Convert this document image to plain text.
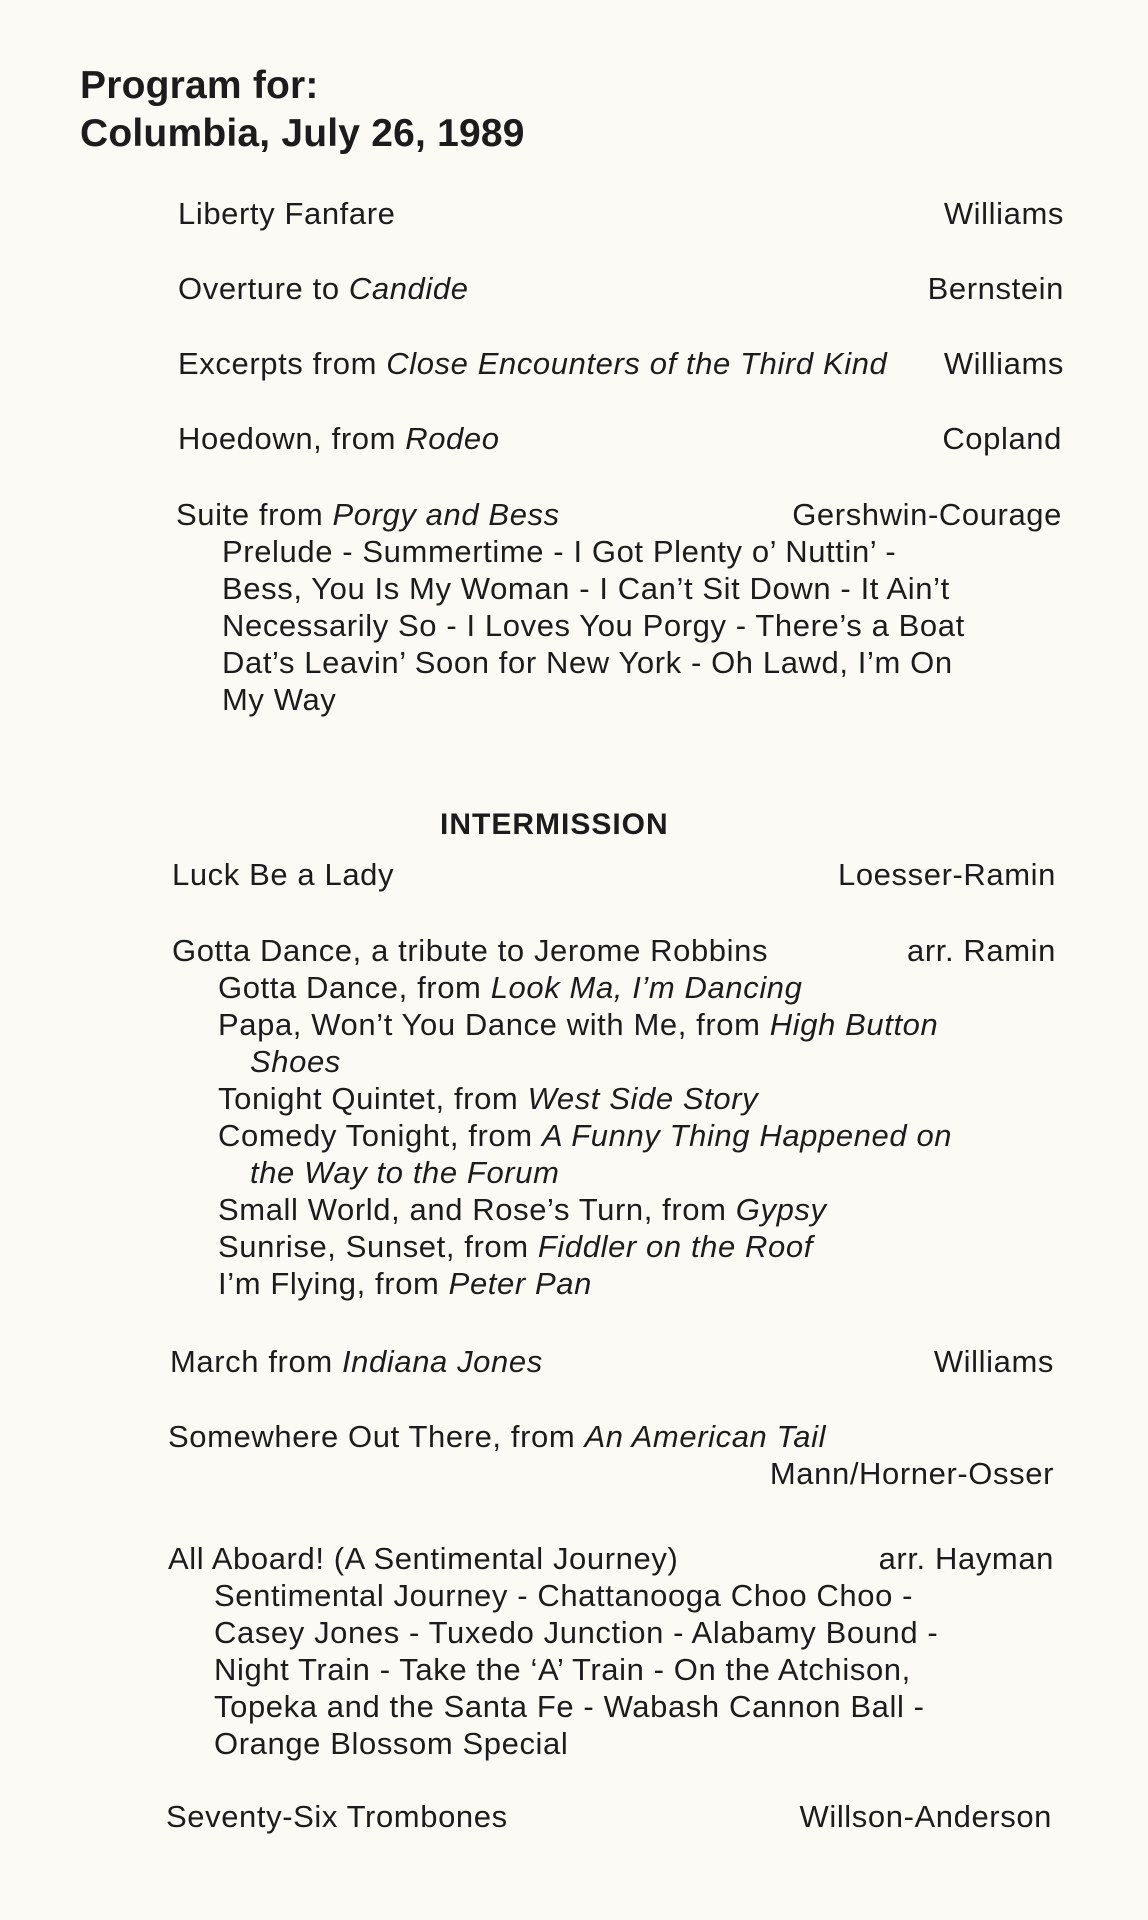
Program for:
Columbia, July 26, 1989
Liberty Fanfare	Williams
Overture to Candide	Bernstein
Excerpts from Close Encounters of the Third Kind Williams
Hoedown, from Rodeo	Copland
Suite from Porgy and Bess	Gershwin-Courage
Prelude - Summertime - I Got Plenty o’ Nuttin’ -
Bess, You Is My Woman - I Can’t Sit Down - It Ain’t
Necessarily So - I Loves You Porgy - There’s a Boat
Dat’s Leavin’ Soon for New York - Oh Lawd, I’m On
My Way
INTERMISSION
Luck Be a Lady	Loesser-Ramin
Gotta Dance, a tribute to Jerome Robbins	arr. Ramin
Gotta Dance, from Look Ma, I’m Dancing
Papa, Won’t You Dance with Me, from High Button
Shoes
Tonight Quintet, from West Side Story
Comedy Tonight, from A Funny Thing Happened on
the Way to the Forum
Small World, and Rose’s Turn, from Gypsy
Sunrise, Sunset, from Fiddler on the Roof
I’m Flying, from Peter Pan
March from Indiana Jones	Williams
Somewhere Out There, from An American Tail
Mann/Horner-Osser
All Aboard! (A Sentimental Journey)	arr. Hayman
Sentimental Journey - Chattanooga Choo Choo -
Casey Jones - Tuxedo Junction - Alabamy Bound -
Night Train - Take the ‘A’ Train - On the Atchison,
Topeka and the Santa Fe - Wabash Cannon Ball -
Orange Blossom Special
Seventy-Six Trombones	Willson-Anderson
